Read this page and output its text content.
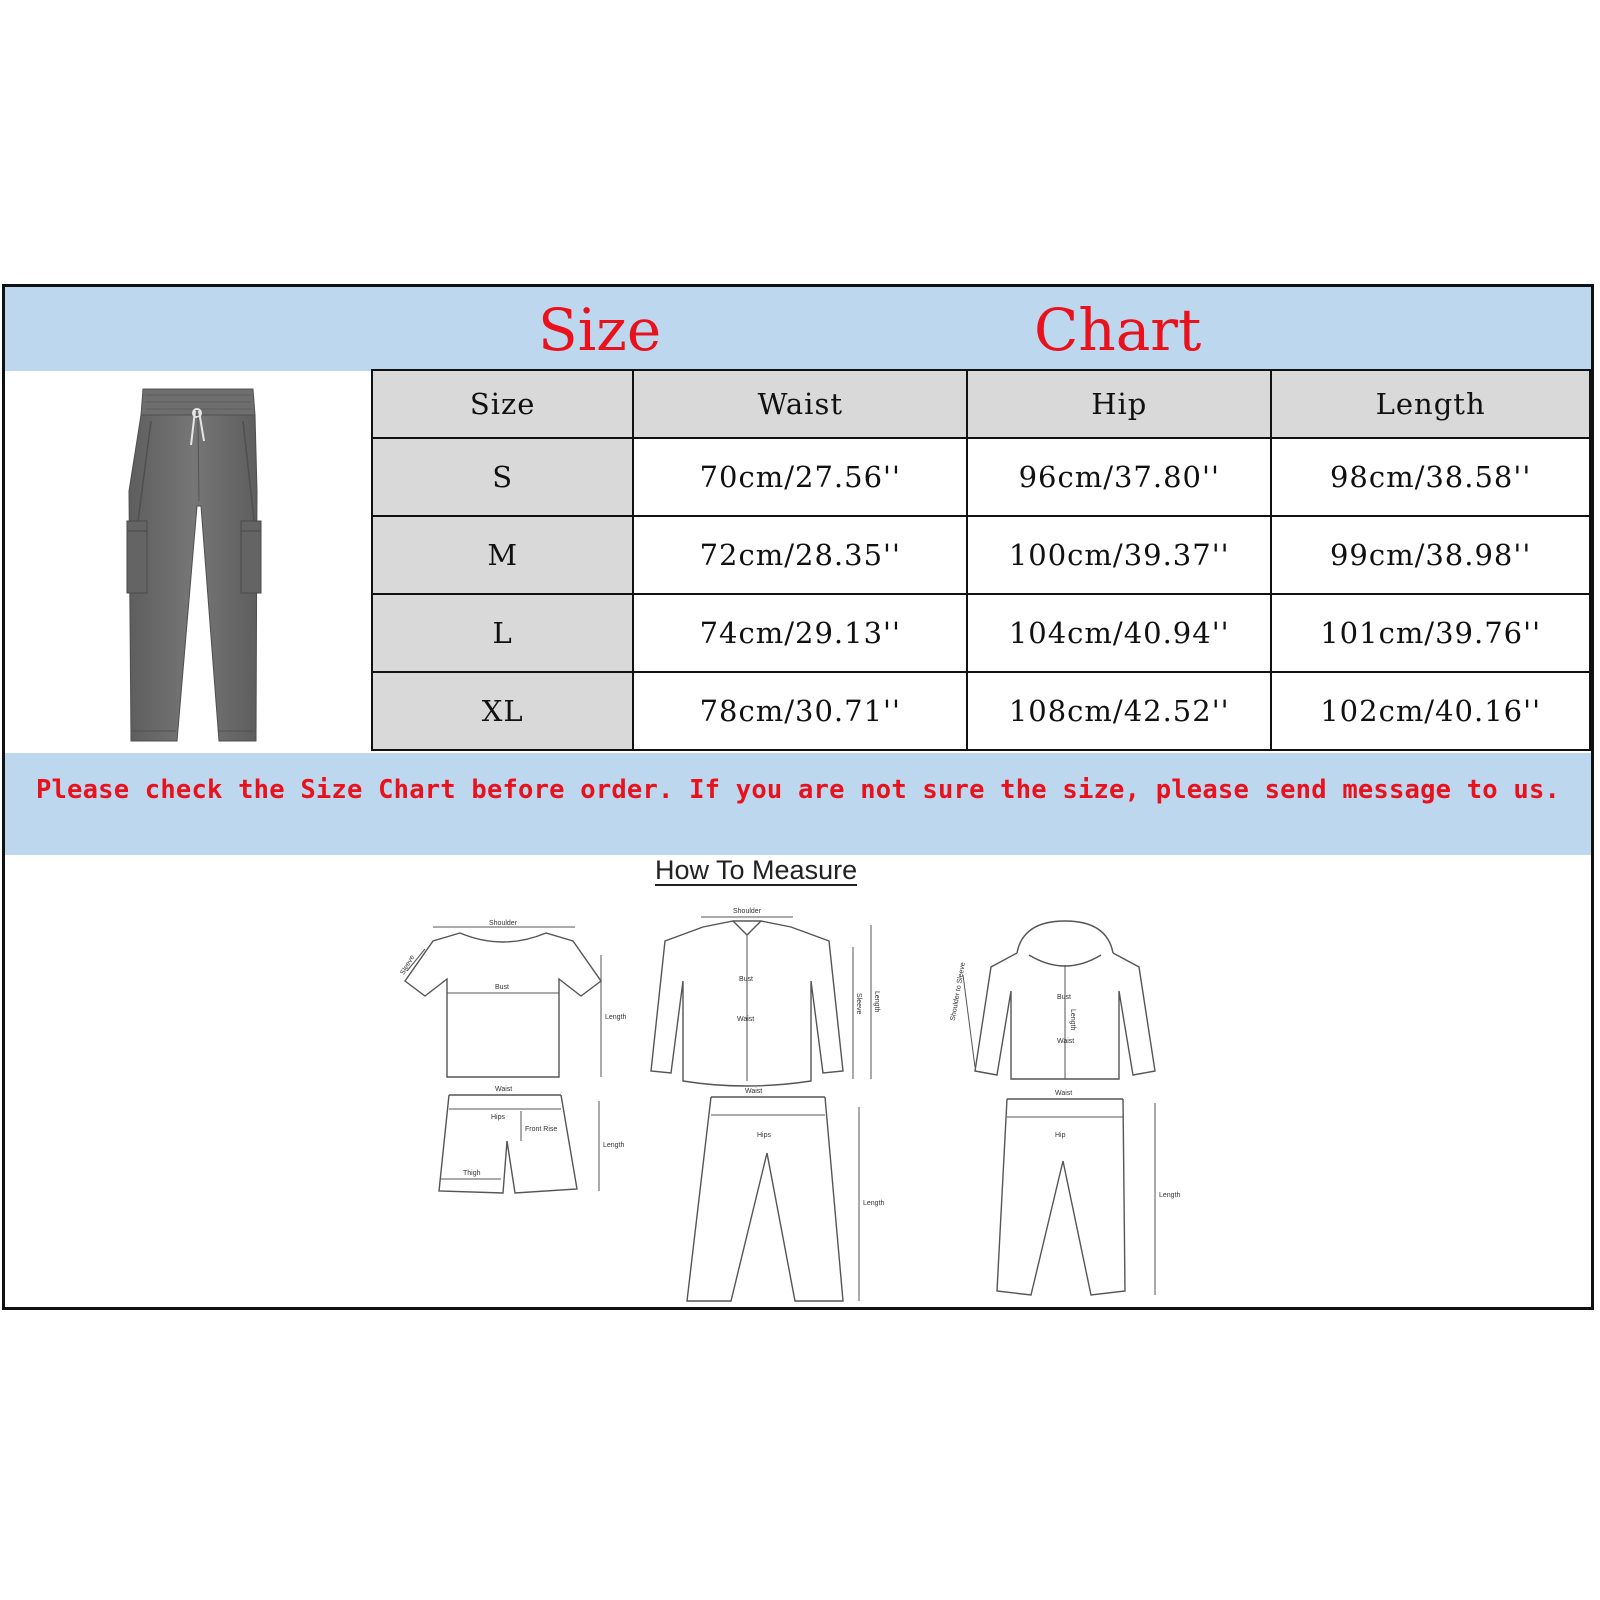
Size	Chart
Size	Waist	Hip	Length
S	70cm/27.56''	96cm/37.80''	98cm/38.58''
M	72cm/28.35''	100cm/39.37''	99cm/38.98''
L	74cm/29.13''	104cm/40.94''	101cm/39.76''
XL	78cm/30.71''	108cm/42.52''	102cm/40.16''
Please check the Size Chart before order. If you are not sure the size, please send message to us.
How To Measure
Shoulder
Sleeve
Bust
Length
Waist
Hips
Front Rise
Thigh
Length
Shoulder
Bust
Waist
Sleeve Length
Waist
Hips
Length
Bust
Waist
Length
Shoulder to Sleeve
Waist
Hip
Length
